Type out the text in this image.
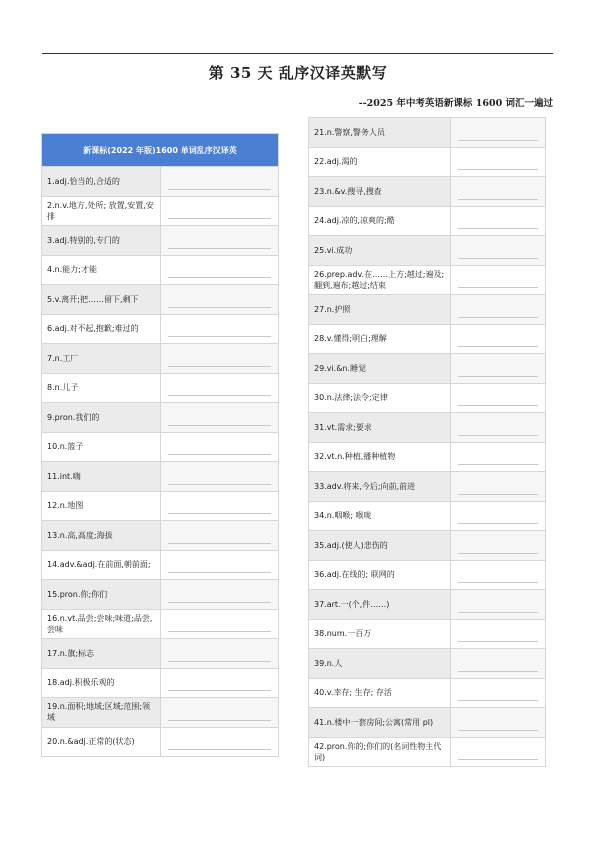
第 35 天 乱序汉译英默写
--2025 年中考英语新课标 1600 词汇一遍过
新课标(2022 年版)1600 单词乱序汉译英	
1.adj.恰当的,合适的	

2.n.v.地方,处所; 放置,安置,安排	

3.adj.特别的,专门的	

4.n.能力;才能	

5.v.离开;把……留下,剩下	

6.adj.对不起,抱歉;难过的	

7.n.工厂	

8.n.儿子	

9.pron.我们的	

10.n.篮子	

11.int.嗨	

12.n.地图	

13.n.高,高度;海拔	

14.adv.&adj.在前面,朝前面;	

15.pron.你;你们	

16.n.vt.品尝;尝味;味道;品尝,尝味	

17.n.旗;标志	

18.adj.积极乐观的	

19.n.面积;地域;区域;范围;领域	

20.n.&adj.正常的(状态)	
21.n.警察,警务人员	

22.adj.渴的	

23.n.&v.搜寻,搜查	

24.adj.凉的,凉爽的;酷	

25.vi.成功	

26.prep.adv.在……上方;越过;遍及;翻到,遍布;越过;结束	

27.n.护照	

28.v.懂得;明白;理解	

29.vi.&n.睡觉	

30.n.法律;法令;定律	

31.vt.需求;要求	

32.vt.n.种植,播种植物	

33.adv.将来,今后;向前,前进	

34.n.咽喉; 喉咙	

35.adj.(使人)悲伤的	

36.adj.在线的; 联网的	

37.art.一(个,件……)	

38.num.一百万	

39.n.人	

40.v.幸存; 生存; 存活	

41.n.楼中一套房间;公寓(常用 pl)	

42.pron.你的;你们的(名词性物主代词)	
